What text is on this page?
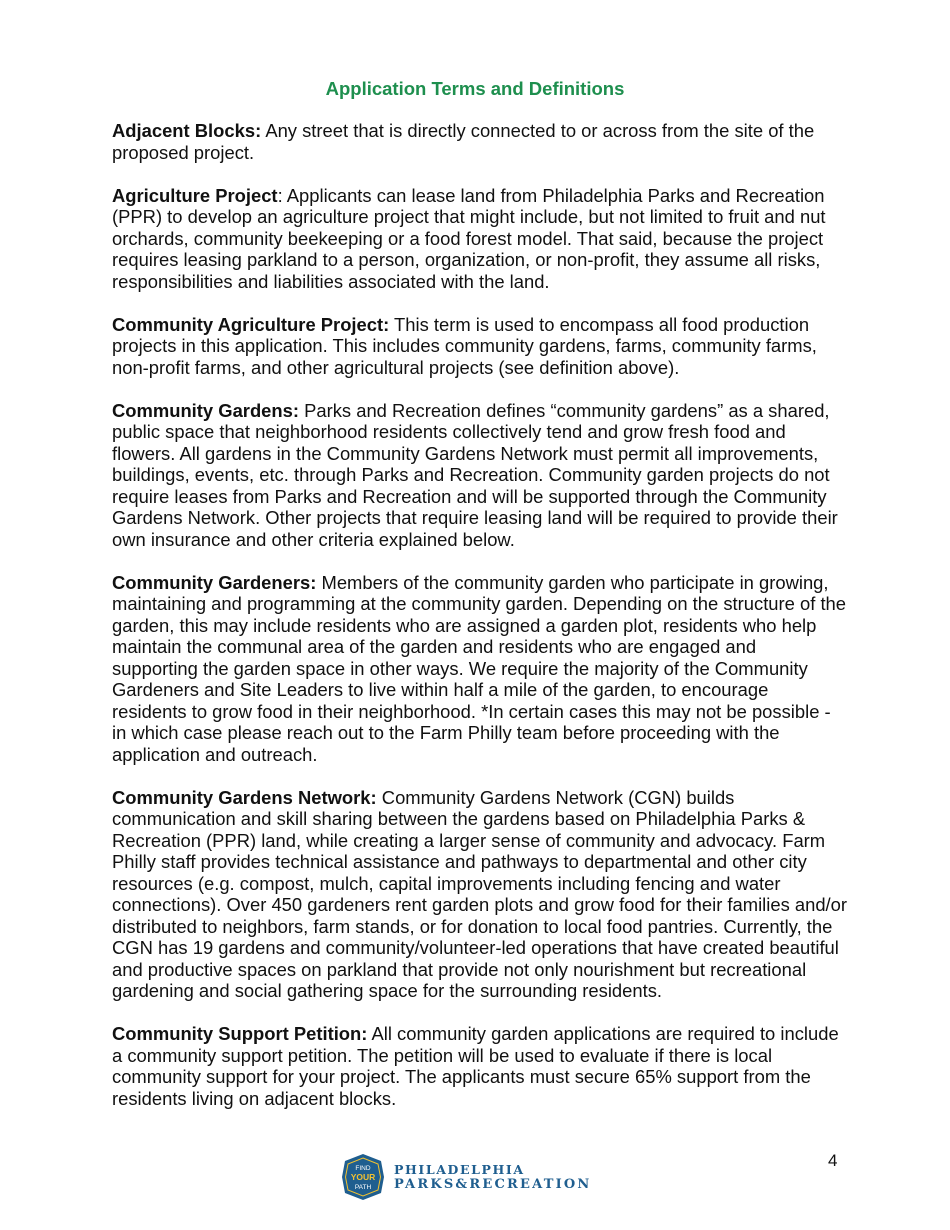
Application Terms and Definitions

Adjacent Blocks: Any street that is directly connected to or across from the site of the proposed project.

Agriculture Project: Applicants can lease land from Philadelphia Parks and Recreation (PPR) to develop an agriculture project that might include, but not limited to fruit and nut orchards, community beekeeping or a food forest model. That said, because the project requires leasing parkland to a person, organization, or non-profit, they assume all risks, responsibilities and liabilities associated with the land.

Community Agriculture Project: This term is used to encompass all food production projects in this application. This includes community gardens, farms, community farms, non-profit farms, and other agricultural projects (see definition above).

Community Gardens: Parks and Recreation defines “community gardens” as a shared, public space that neighborhood residents collectively tend and grow fresh food and flowers. All gardens in the Community Gardens Network must permit all improvements, buildings, events, etc. through Parks and Recreation. Community garden projects do not require leases from Parks and Recreation and will be supported through the Community Gardens Network. Other projects that require leasing land will be required to provide their own insurance and other criteria explained below.

Community Gardeners: Members of the community garden who participate in growing, maintaining and programming at the community garden. Depending on the structure of the garden, this may include residents who are assigned a garden plot, residents who help maintain the communal area of the garden and residents who are engaged and supporting the garden space in other ways. We require the majority of the Community Gardeners and Site Leaders to live within half a mile of the garden, to encourage residents to grow food in their neighborhood. *In certain cases this may not be possible - in which case please reach out to the Farm Philly team before proceeding with the application and outreach.

Community Gardens Network: Community Gardens Network (CGN) builds communication and skill sharing between the gardens based on Philadelphia Parks & Recreation (PPR) land, while creating a larger sense of community and advocacy. Farm Philly staff provides technical assistance and pathways to departmental and other city resources (e.g. compost, mulch, capital improvements including fencing and water connections). Over 450 gardeners rent garden plots and grow food for their families and/or distributed to neighbors, farm stands, or for donation to local food pantries. Currently, the CGN has 19 gardens and community/volunteer-led operations that have created beautiful and productive spaces on parkland that provide not only nourishment but recreational gardening and social gathering space for the surrounding residents.

Community Support Petition: All community garden applications are required to include a community support petition. The petition will be used to evaluate if there is local community support for your project. The applicants must secure 65% support from the residents living on adjacent blocks.

4
FIND
YOUR
PATH
PHILADELPHIA
PARKS&RECREATION
